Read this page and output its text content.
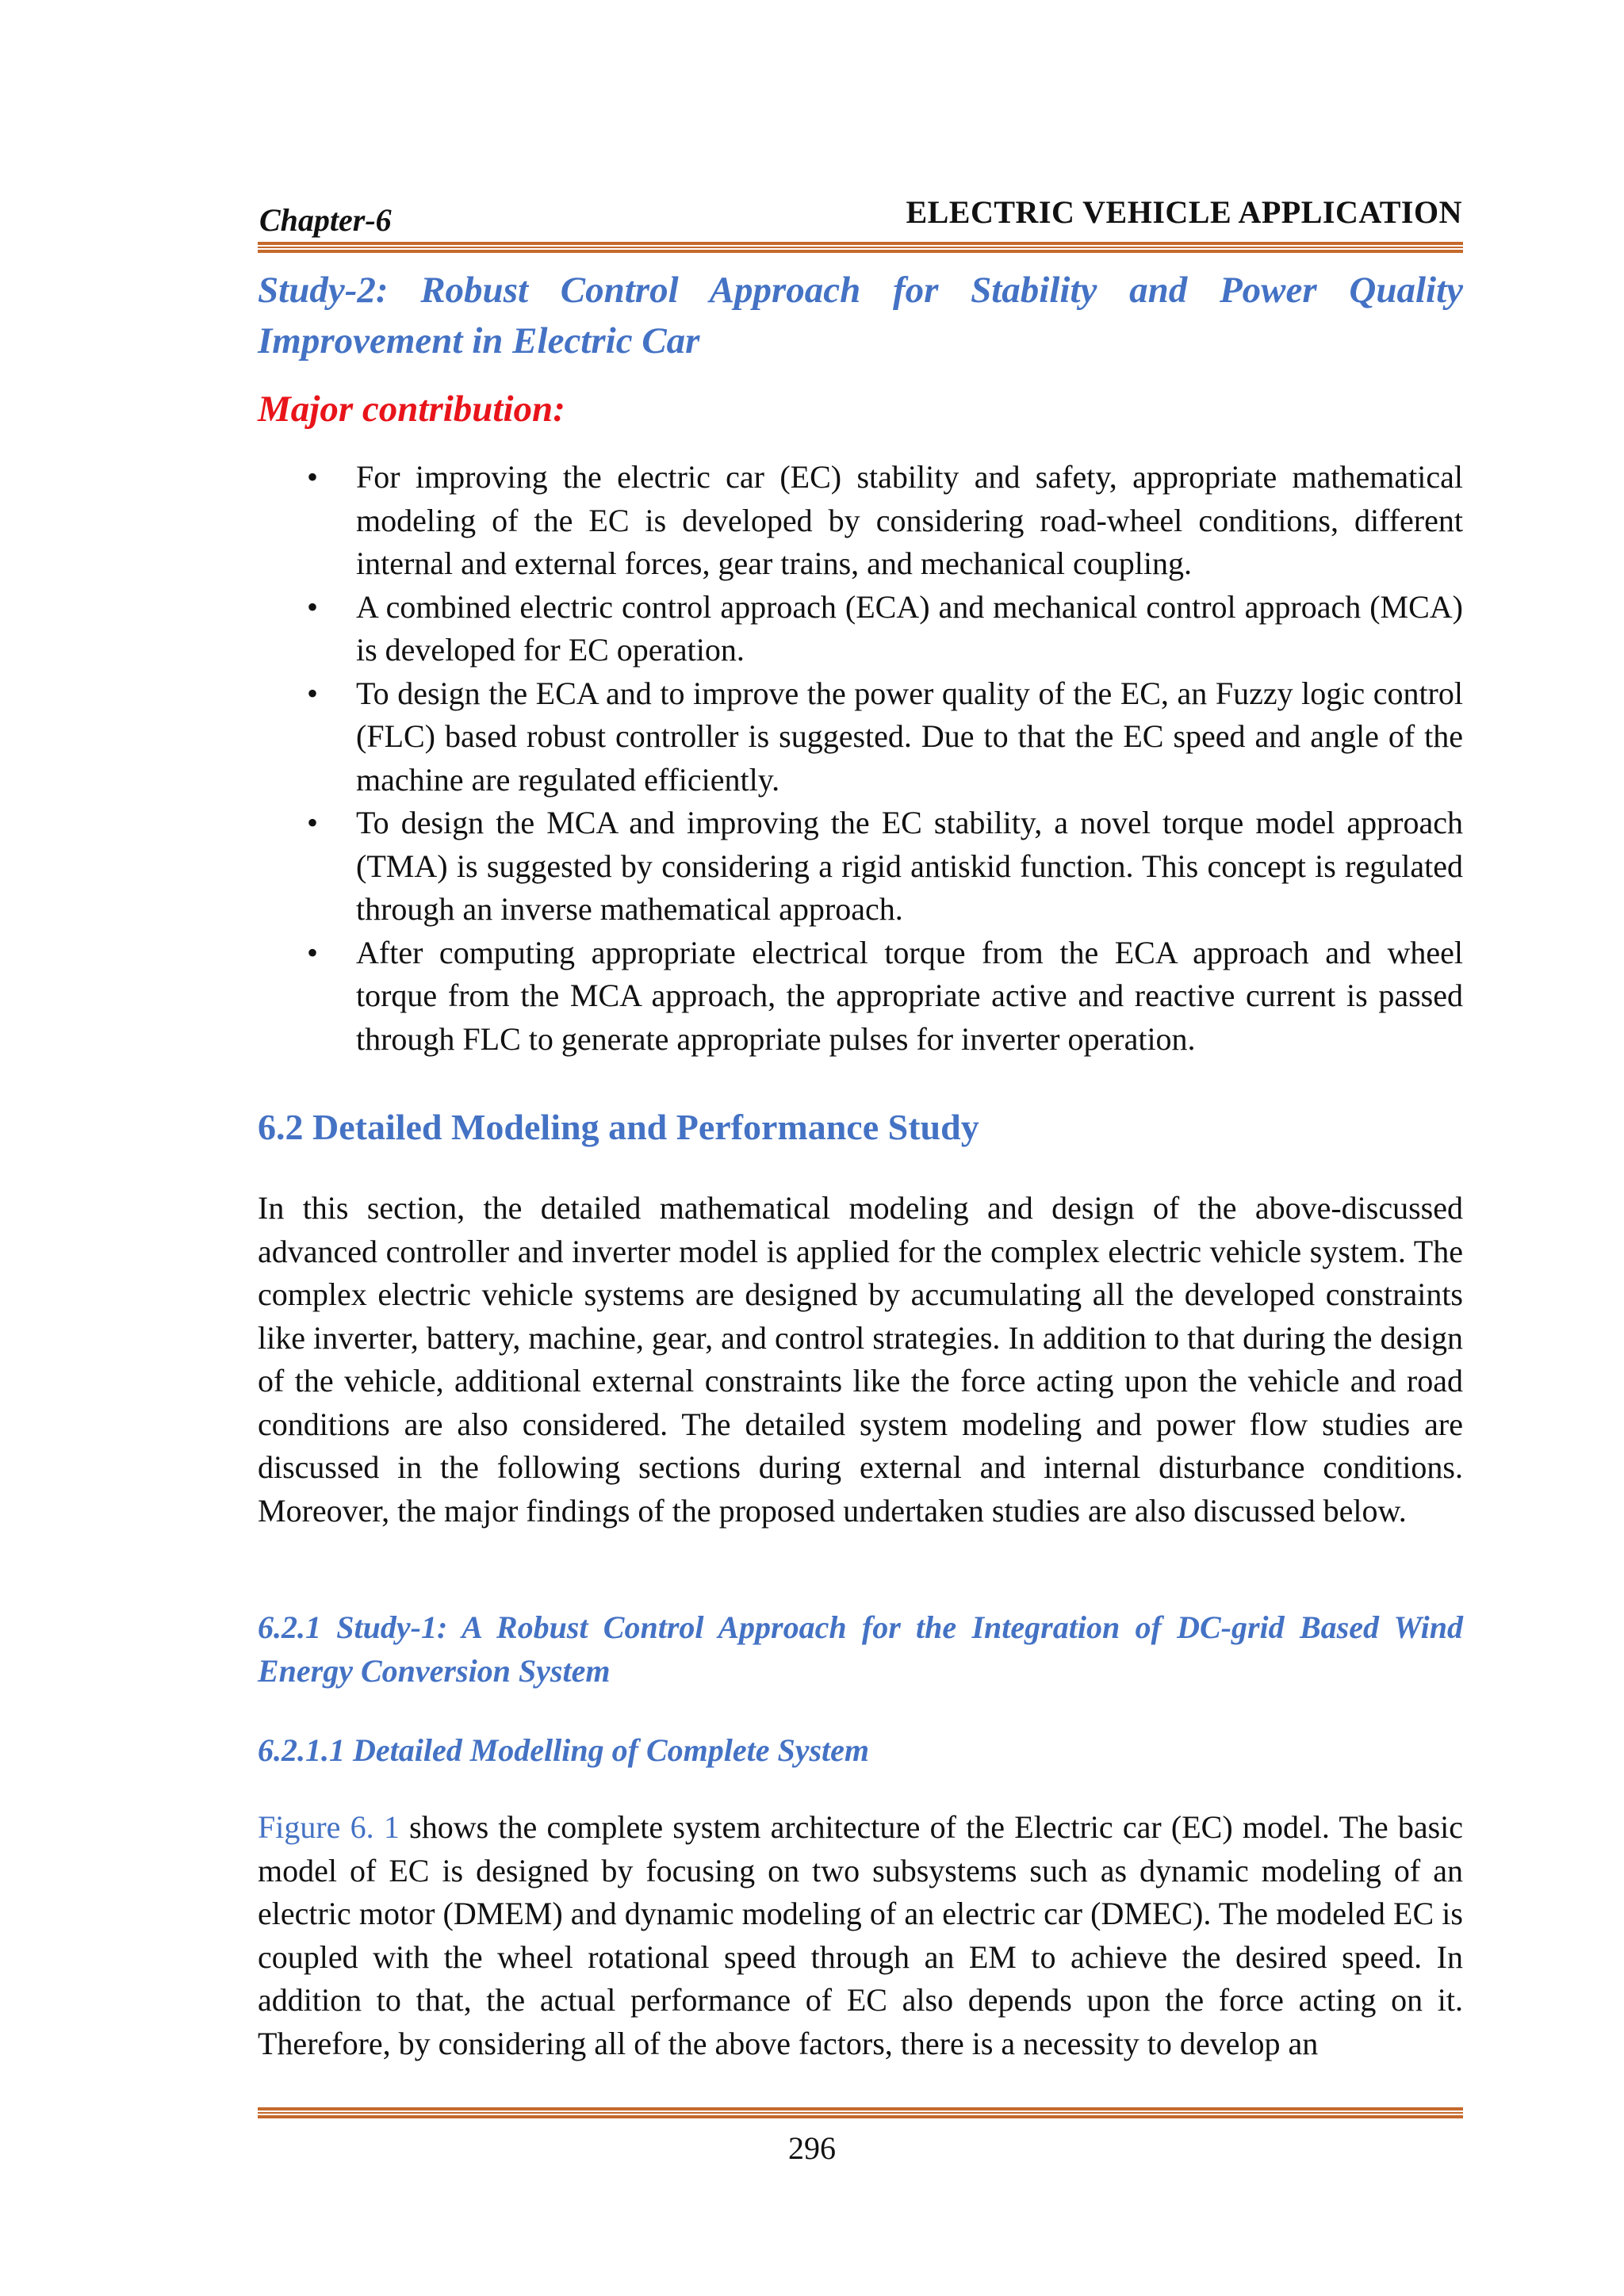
Chapter-6	ELECTRIC VEHICLE APPLICATION
Study-2: Robust Control Approach for Stability and Power Quality Improvement in Electric Car
Major contribution:
• For improving the electric car (EC) stability and safety, appropriate mathematical modeling of the EC is developed by considering road-wheel conditions, different internal and external forces, gear trains, and mechanical coupling.
• A combined electric control approach (ECA) and mechanical control approach (MCA) is developed for EC operation.
• To design the ECA and to improve the power quality of the EC, an Fuzzy logic control (FLC) based robust controller is suggested. Due to that the EC speed and angle of the machine are regulated efficiently.
• To design the MCA and improving the EC stability, a novel torque model approach (TMA) is suggested by considering a rigid antiskid function. This concept is regulated through an inverse mathematical approach.
• After computing appropriate electrical torque from the ECA approach and wheel torque from the MCA approach, the appropriate active and reactive current is passed through FLC to generate appropriate pulses for inverter operation.
6.2 Detailed Modeling and Performance Study
In this section, the detailed mathematical modeling and design of the above-discussed advanced controller and inverter model is applied for the complex electric vehicle system. The complex electric vehicle systems are designed by accumulating all the developed constraints like inverter, battery, machine, gear, and control strategies. In addition to that during the design of the vehicle, additional external constraints like the force acting upon the vehicle and road conditions are also considered. The detailed system modeling and power flow studies are discussed in the following sections during external and internal disturbance conditions. Moreover, the major findings of the proposed undertaken studies are also discussed below.
6.2.1 Study-1: A Robust Control Approach for the Integration of DC-grid Based Wind Energy Conversion System
6.2.1.1 Detailed Modelling of Complete System
Figure 6. 1 shows the complete system architecture of the Electric car (EC) model. The basic model of EC is designed by focusing on two subsystems such as dynamic modeling of an electric motor (DMEM) and dynamic modeling of an electric car (DMEC). The modeled EC is coupled with the wheel rotational speed through an EM to achieve the desired speed. In addition to that, the actual performance of EC also depends upon the force acting on it. Therefore, by considering all of the above factors, there is a necessity to develop an
296
